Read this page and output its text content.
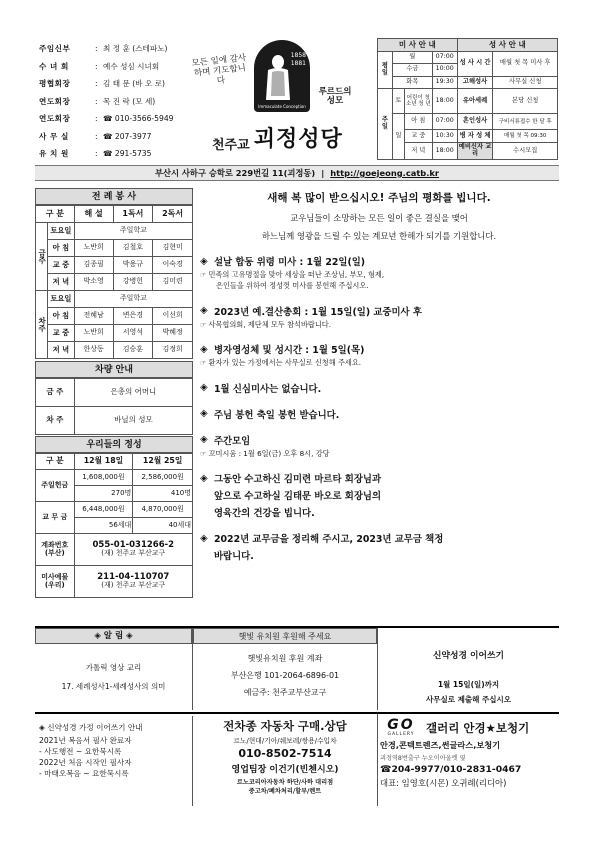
주임신부	: 최 정 훈 (스테파노)
수 녀 회	: 예수 성심 시녀회
평협회장	: 김 태 문 (바 오 로)
연도회장	: 목 진 락 (모 세)
연도회장	: ☎ 010-3566-5949
사 무 실	: ☎ 207-3977
유 치 원	: ☎ 291-5735
모든 일에 감사하며 기도합니다
1858
1881
Immaculate Conception
루르드의 성모
천주교 괴정성당
미 사 안 내				성 사 안 내	
평일	월		07:00	성 사 시 간	매월 첫 목 미사 후
	수금		10:00		
	화목		19:30	고해성사	사무실 신청
주일	토	어린이 청소년 청 년	18:00	유아세례	본당 신청
	일	아 침	07:00	혼인성사	구비서류접수 한 달 후
		교 중	10:30	병 자 성 체	매월 첫 목 09:30
		저 녁	18:00	예비신자 교리	수시모집
부산시 사하구 승학로 229번길 11(괴정동) | http://goejeong.catb.kr
전 례 봉 사
구 분		해 설	1독서	2독서
금주	토요일	주일학교		
	아 침	노반희	김철호	김현미
	교 중	김종필	박용규	이숙경
	저 녁	박소영	강병헌	김미련
차주	토요일	주일학교		
	아 침	전혜남	변은경	이선희
	교 중	노반희	서영석	박혜정
	저 녁	한상동	김승훈	김정희
차량 안내
금 주	은총의 어머니
차 주	바닐의 성모
우리들의 정성
구 분	12월 18일	12월 25일
주일헌금	1,608,000원	2,586,000원
	270명	410명
교 무 금	6,448,000원	4,870,000원
	56세대	40세대
계좌번호 (부산)	055-01-031266-2
(재) 천주교 부산교구	

미사예물 (우리)	211-04-110707
(재) 천주교 부산교구	
새해 복 많이 받으십시오! 주님의 평화를 빕니다.
교우님들이 소망하는 모든 일이 좋은 결실을 맺어
하느님께 영광을 드릴 수 있는 계묘년 한해가 되기를 기원합니다.
◈ 설날 합동 위령 미사 : 1월 22일(일)
☞ 민족의 고유명절을 맞아 세상을 떠난 조상님, 부모, 형제,
은인들을 위하여 정성껏 미사를 봉헌해 주십시오.
◈ 2023년 예.결산총회 : 1월 15일(일) 교중미사 후
☞ 사목협의회, 제단체 모두 참석바랍니다.
◈ 병자영성체 및 성시간 : 1월 5일(목)
☞ 환자가 있는 가정에서는 사무실로 신청해 주세요.
◈ 1월 신심미사는 없습니다.
◈ 주님 봉헌 축일 봉헌 받습니다.
◈ 주간모임
☞ 꼬미시움 : 1월 6일(금) 오후 8시, 강당
◈ 그동안 수고하신 김미련 마르타 회장님과
앞으로 수고하실 김태문 바오로 회장님의
영육간의 건강을 빕니다.
◈ 2022년 교무금을 정리해 주시고, 2023년 교무금 책정
바랍니다.
◈ 알 림 ◈
가톨릭 영상 교리
17. 세례성사1-세례성사의 의미
햇빛 유치원 후원해 주세요
햇빛유치원 후원 계좌
부산은행 101-2064-6896-01
예금주: 천주교부산교구
신약성경 이어쓰기
1월 15일(일)까지
사무실로 제출해 주십시오
◈ 신약성경 가정 이어쓰기 안내
2021년 복음서 필사 완료자
- 사도행전 ~ 요한묵시록
2022년 처음 시작인 필사자
- 마태오복음 ~ 요한묵시록
전차종 자동차 구매.상담
르노/현대/기아/쉐보레/쌍용/수입차
010-8502-7514
영업팀장 이건기(빈첸시오)
르노코리아자동차 하단/사하 대리점
중고차/폐차처리/할부/렌트
GO
GALLERY	갤러리 안경★보청기
안경,콘텍트렌즈,썬글라스,보청기
괴정역8번출구 누오이아울렛 옆
☎204-9977/010-2831-0467
대표: 임영호(시몬) 오귀례(리디아)
